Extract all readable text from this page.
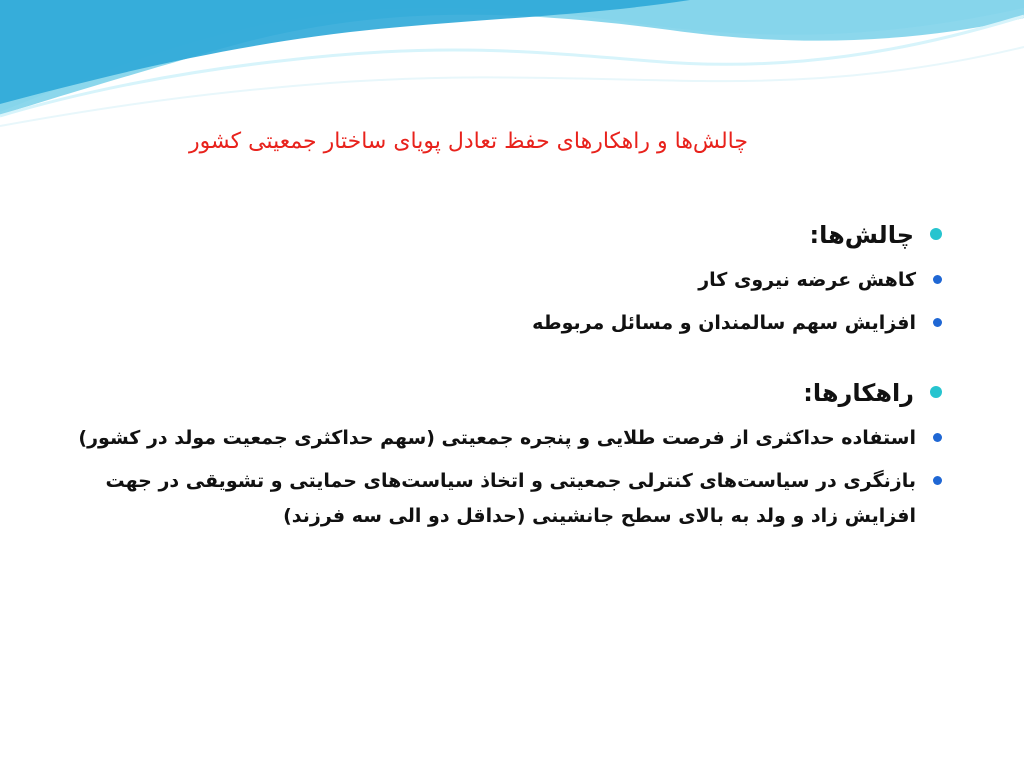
چالش‌ها و راهکارهای حفظ تعادل پویای ساختار جمعیتی کشور
چالش‌ها:
کاهش عرضه نیروی کار
افزایش سهم سالمندان و مسائل مربوطه
راهکارها:
استفاده حداکثری از فرصت طلایی و پنجره جمعیتی (سهم حداکثری جمعیت مولد در کشور)
بازنگری در سیاست‌های کنترلی جمعیتی و اتخاذ سیاست‌های حمایتی و تشویقی در جهت افزایش زاد و ولد به بالای سطح جانشینی (حداقل دو الی سه فرزند)
